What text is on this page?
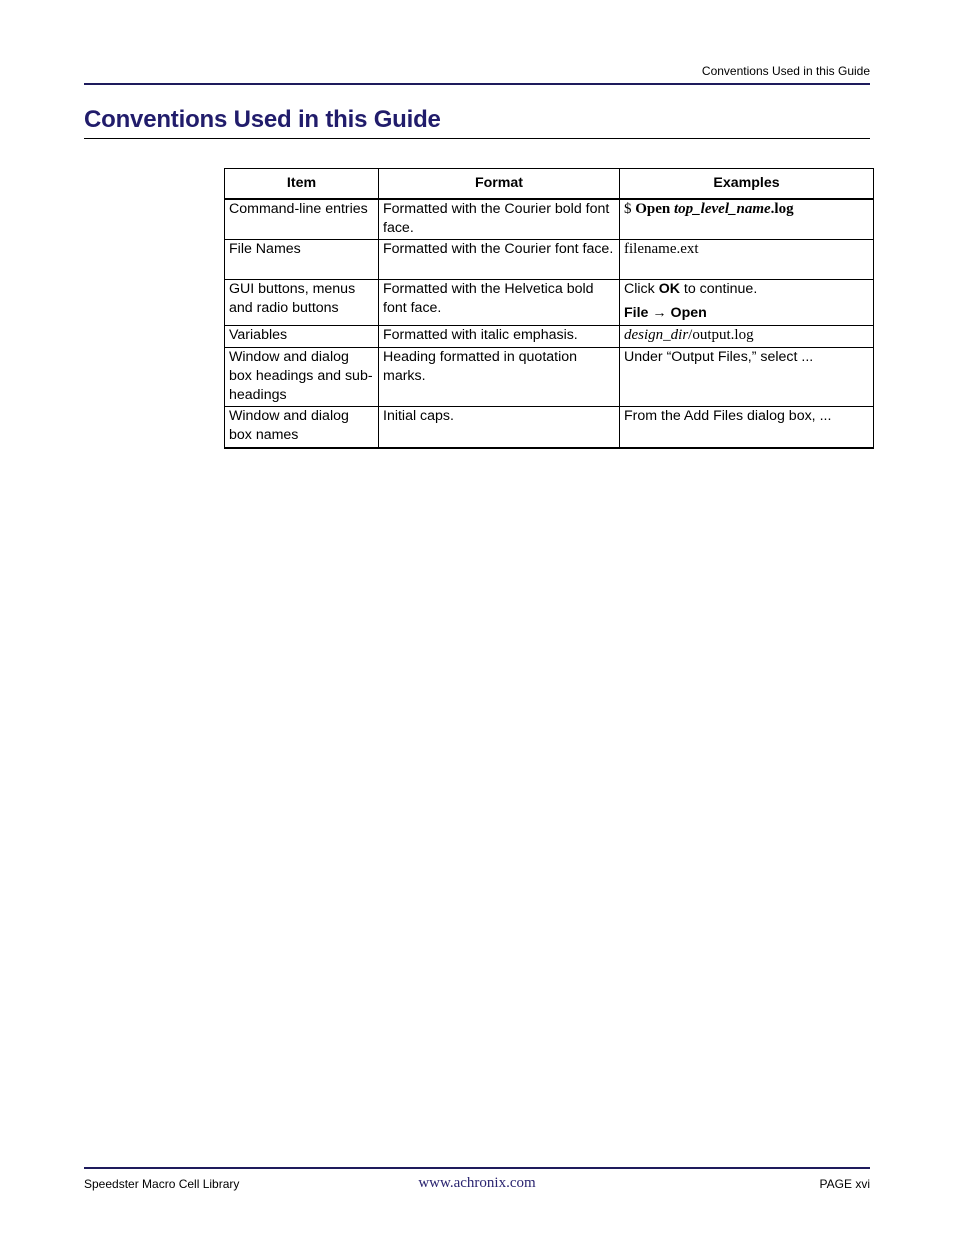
Conventions Used in this Guide
Conventions Used in this Guide
Item	Format	Examples
Command-line entries	Formatted with the Courier bold font face.	$ Open top_level_name.log
File Names	Formatted with the Courier font face.	filename.ext
GUI buttons, menus and radio buttons	Formatted with the Helvetica bold font face.	Click OK to continue.
File → Open

Variables	Formatted with italic emphasis.	design_dir/output.log
Window and dialog box headings and sub-headings	Heading formatted in quotation marks.	Under “Output Files,” select ...
Window and dialog box names	Initial caps.	From the Add Files dialog box, ...
Speedster Macro Cell Library	www.achronix.com	PAGE xvi
